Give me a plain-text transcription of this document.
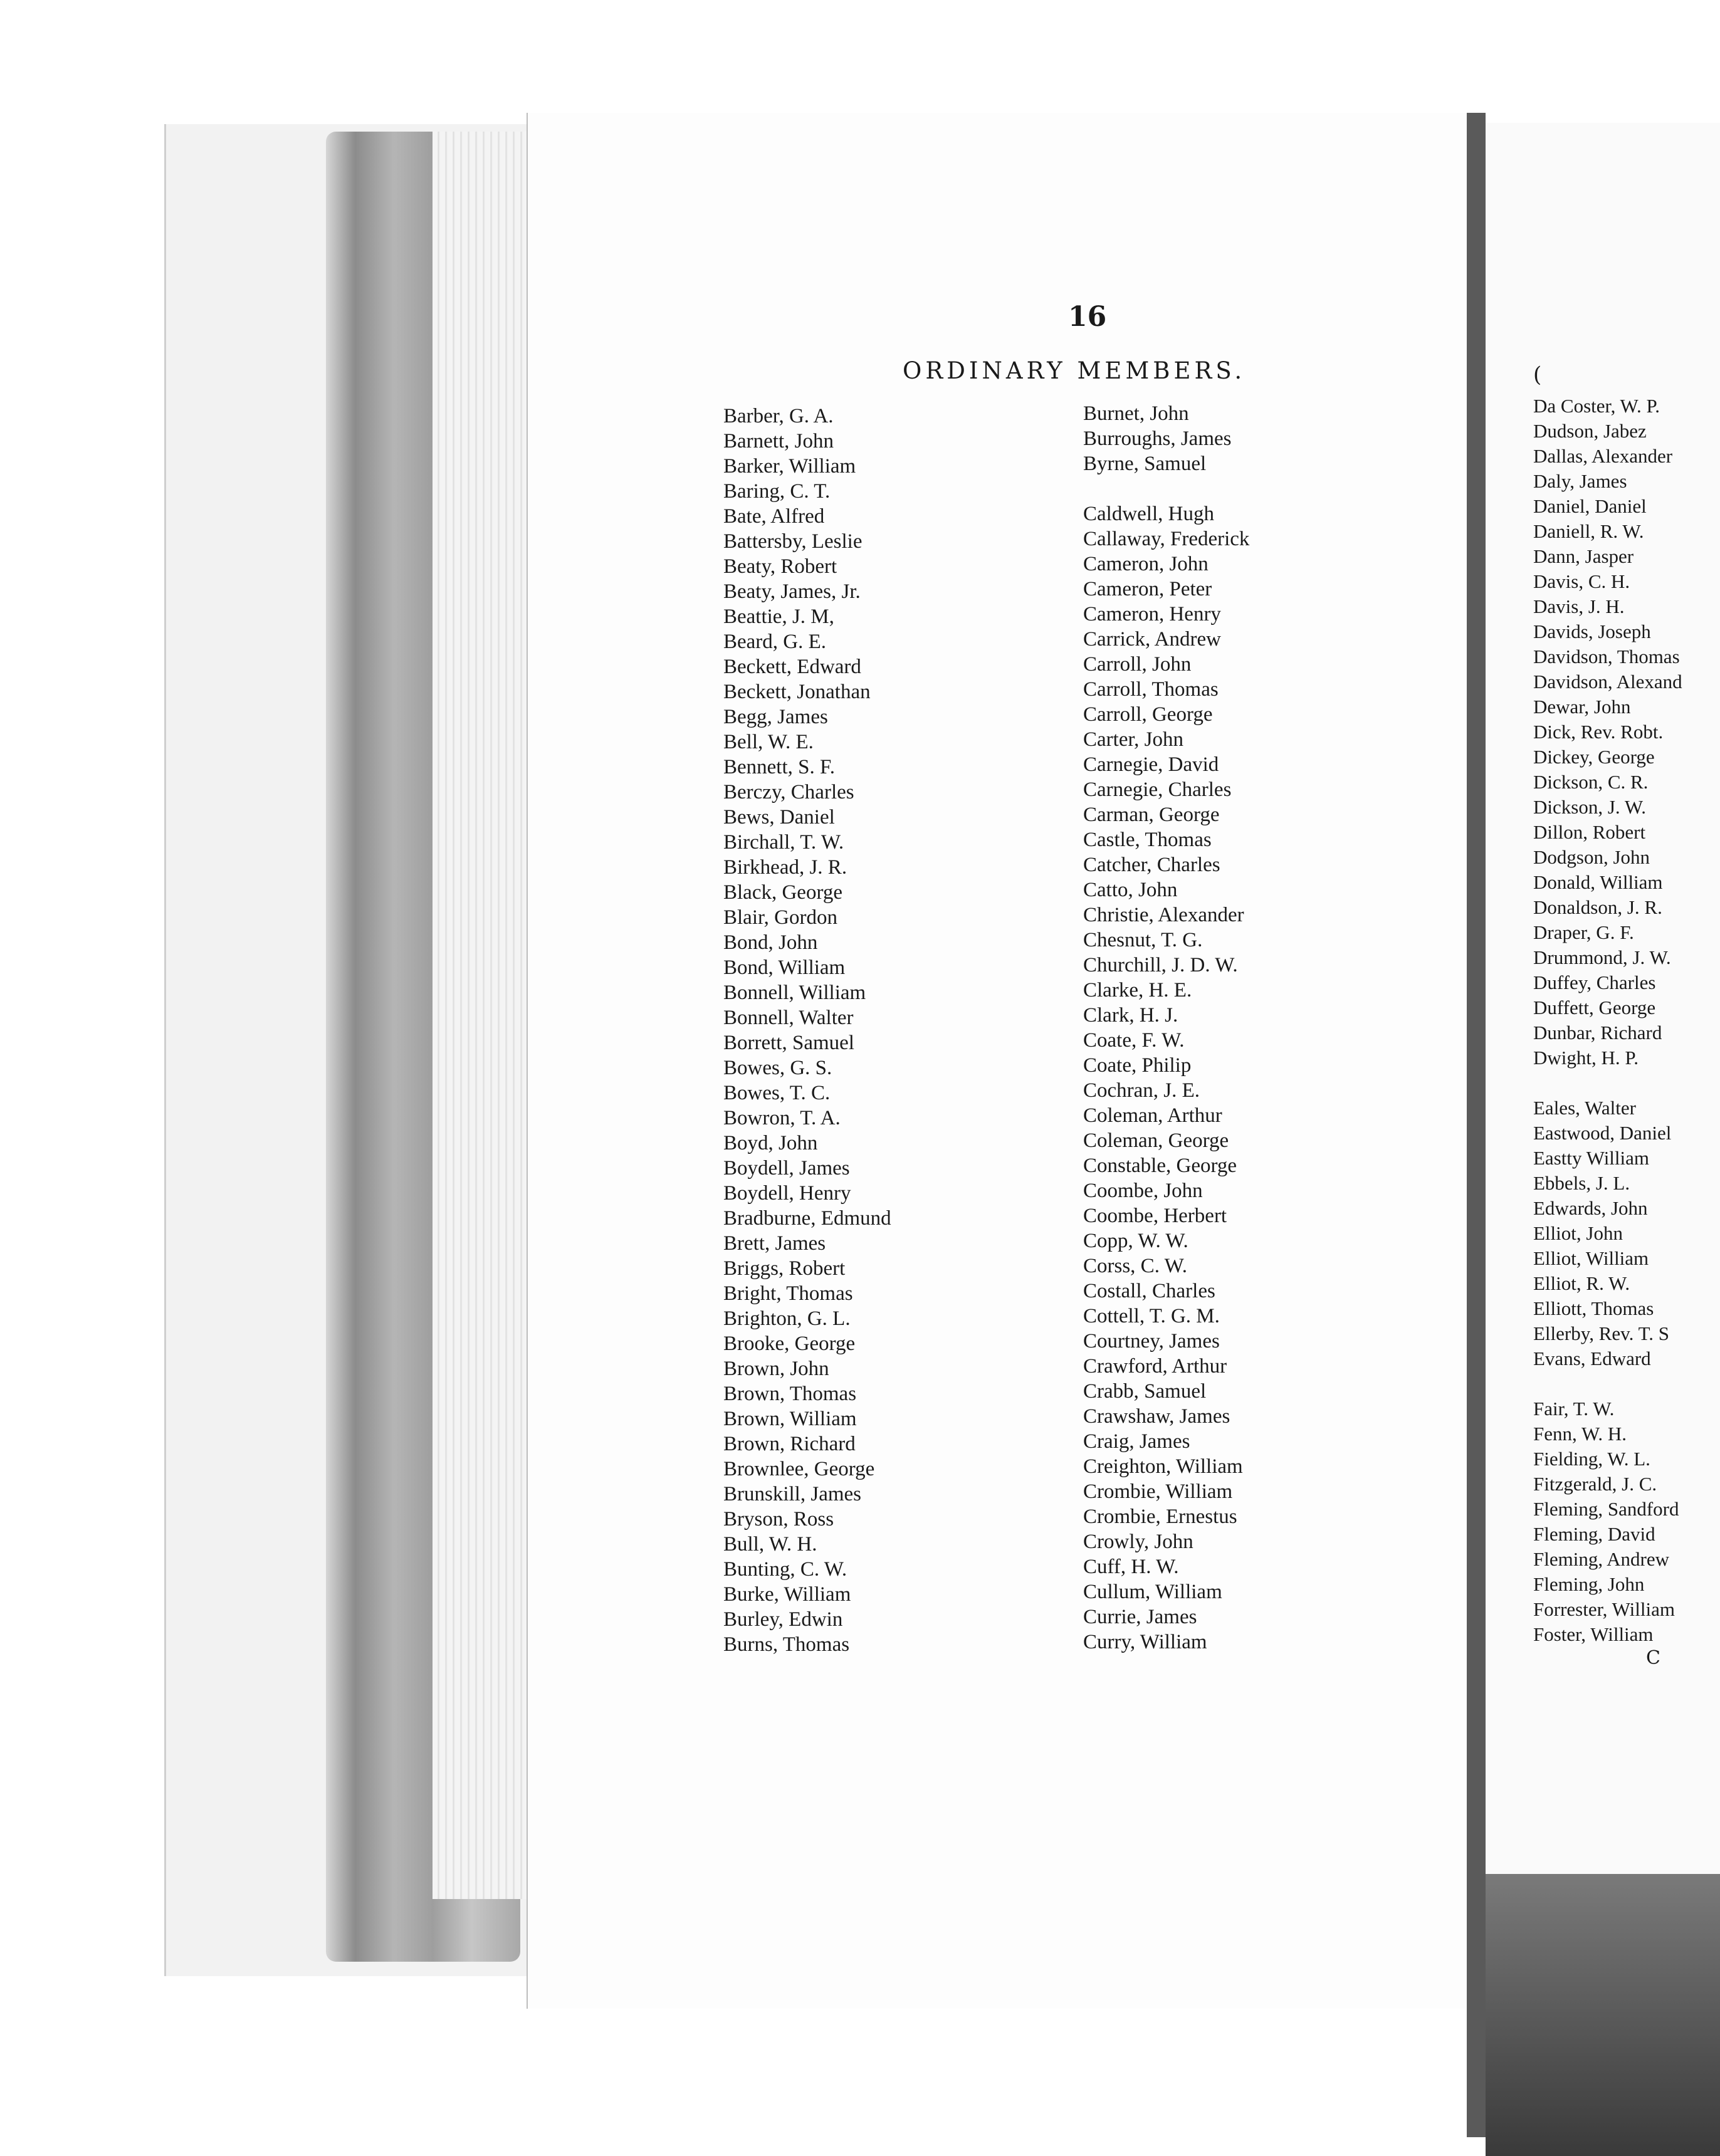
16
ORDINARY MEMBERS.
Barber, G. A.
Barnett, John
Barker, William
Baring, C. T.
Bate, Alfred
Battersby, Leslie
Beaty, Robert
Beaty, James, Jr.
Beattie, J. M,
Beard, G. E.
Beckett, Edward
Beckett, Jonathan
Begg, James
Bell, W. E.
Bennett, S. F.
Berczy, Charles
Bews, Daniel
Birchall, T. W.
Birkhead, J. R.
Black, George
Blair, Gordon
Bond, John
Bond, William
Bonnell, William
Bonnell, Walter
Borrett, Samuel
Bowes, G. S.
Bowes, T. C.
Bowron, T. A.
Boyd, John
Boydell, James
Boydell, Henry
Bradburne, Edmund
Brett, James
Briggs, Robert
Bright, Thomas
Brighton, G. L.
Brooke, George
Brown, John
Brown, Thomas
Brown, William
Brown, Richard
Brownlee, George
Brunskill, James
Bryson, Ross
Bull, W. H.
Bunting, C. W.
Burke, William
Burley, Edwin
Burns, Thomas
Burnet, John
Burroughs, James
Byrne, Samuel
Caldwell, Hugh
Callaway, Frederick
Cameron, John
Cameron, Peter
Cameron, Henry
Carrick, Andrew
Carroll, John
Carroll, Thomas
Carroll, George
Carter, John
Carnegie, David
Carnegie, Charles
Carman, George
Castle, Thomas
Catcher, Charles
Catto, John
Christie, Alexander
Chesnut, T. G.
Churchill, J. D. W.
Clarke, H. E.
Clark, H. J.
Coate, F. W.
Coate, Philip
Cochran, J. E.
Coleman, Arthur
Coleman, George
Constable, George
Coombe, John
Coombe, Herbert
Copp, W. W.
Corss, C. W.
Costall, Charles
Cottell, T. G. M.
Courtney, James
Crawford, Arthur
Crabb, Samuel
Crawshaw, James
Craig, James
Creighton, William
Crombie, William
Crombie, Ernestus
Crowly, John
Cuff, H. W.
Cullum, William
Currie, James
Curry, William
(
Da Coster, W. P.
Dudson, Jabez
Dallas, Alexander
Daly, James
Daniel, Daniel
Daniell, R. W.
Dann, Jasper
Davis, C. H.
Davis, J. H.
Davids, Joseph
Davidson, Thomas
Davidson, Alexand
Dewar, John
Dick, Rev. Robt.
Dickey, George
Dickson, C. R.
Dickson, J. W.
Dillon, Robert
Dodgson, John
Donald, William
Donaldson, J. R.
Draper, G. F.
Drummond, J. W.
Duffey, Charles
Duffett, George
Dunbar, Richard
Dwight, H. P.
Eales, Walter
Eastwood, Daniel
Eastty William
Ebbels, J. L.
Edwards, John
Elliot, John
Elliot, William
Elliot, R. W.
Elliott, Thomas
Ellerby, Rev. T. S
Evans, Edward
Fair, T. W.
Fenn, W. H.
Fielding, W. L.
Fitzgerald, J. C.
Fleming, Sandford
Fleming, David
Fleming, Andrew
Fleming, John
Forrester, William
Foster, William
C
